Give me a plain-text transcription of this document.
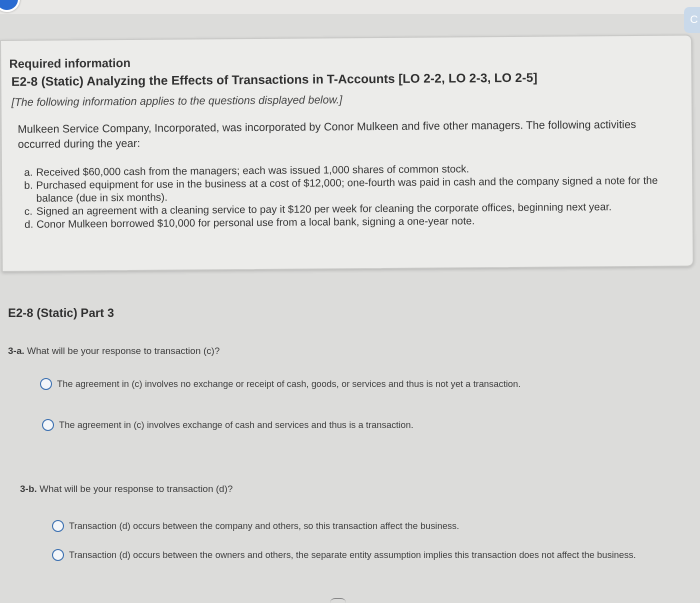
C
Required information
E2-8 (Static) Analyzing the Effects of Transactions in T-Accounts [LO 2-2, LO 2-3, LO 2-5]
[The following information applies to the questions displayed below.]
Mulkeen Service Company, Incorporated, was incorporated by Conor Mulkeen and five other managers. The following activities occurred during the year:
a. Received $60,000 cash from the managers; each was issued 1,000 shares of common stock.
b. Purchased equipment for use in the business at a cost of $12,000; one-fourth was paid in cash and the company signed a note for the balance (due in six months).
c. Signed an agreement with a cleaning service to pay it $120 per week for cleaning the corporate offices, beginning next year.
d. Conor Mulkeen borrowed $10,000 for personal use from a local bank, signing a one-year note.
E2-8 (Static) Part 3
3-a. What will be your response to transaction (c)?
The agreement in (c) involves no exchange or receipt of cash, goods, or services and thus is not yet a transaction.
The agreement in (c) involves exchange of cash and services and thus is a transaction.
3-b. What will be your response to transaction (d)?
Transaction (d) occurs between the company and others, so this transaction affect the business.
Transaction (d) occurs between the owners and others, the separate entity assumption implies this transaction does not affect the business.
